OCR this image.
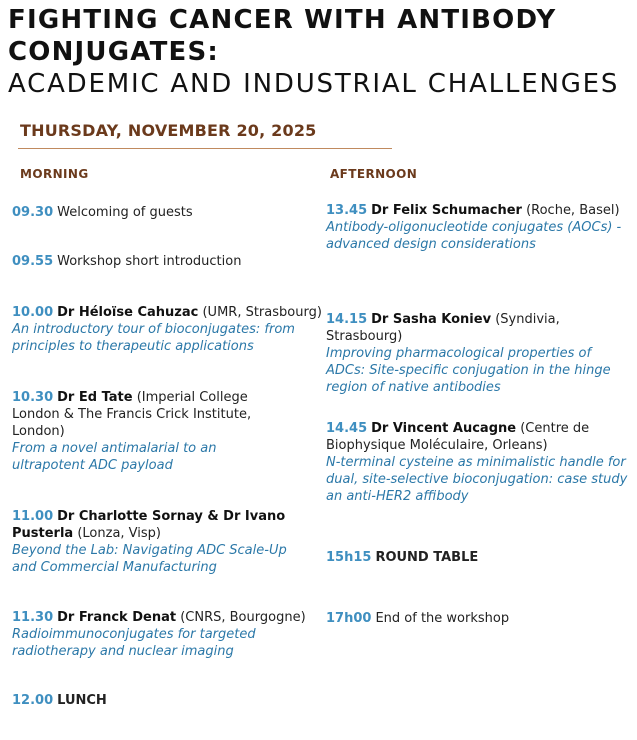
FIGHTING CANCER WITH ANTIBODY
CONJUGATES:
ACADEMIC AND INDUSTRIAL CHALLENGES
THURSDAY, NOVEMBER 20, 2025
MORNING	AFTERNOON
09.30 Welcoming of guests
09.55 Workshop short introduction
10.00 Dr Héloïse Cahuzac (UMR, Strasbourg)
An introductory tour of bioconjugates: from principles to therapeutic applications
10.30 Dr Ed Tate (Imperial College London & The Francis Crick Institute, London)
From a novel antimalarial to an ultrapotent ADC payload
11.00 Dr Charlotte Sornay & Dr Ivano Pusterla (Lonza, Visp)
Beyond the Lab: Navigating ADC Scale-Up and Commercial Manufacturing
11.30 Dr Franck Denat (CNRS, Bourgogne)
Radioimmunoconjugates for targeted radiotherapy and nuclear imaging
12.00 LUNCH
13.45 Dr Felix Schumacher (Roche, Basel)
Antibody-oligonucleotide conjugates (AOCs) - advanced design considerations
14.15 Dr Sasha Koniev (Syndivia, Strasbourg)
Improving pharmacological properties of ADCs: Site-specific conjugation in the hinge region of native antibodies
14.45 Dr Vincent Aucagne (Centre de Biophysique Moléculaire, Orleans)
N-terminal cysteine as minimalistic handle for dual, site-selective bioconjugation: case study an anti-HER2 affibody
15h15 ROUND TABLE
17h00 End of the workshop
